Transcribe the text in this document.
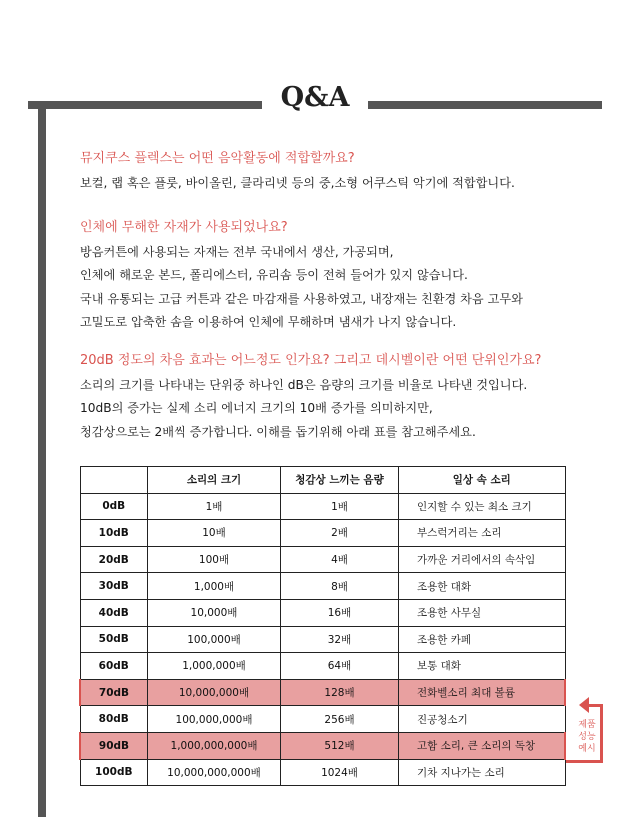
Q&A
뮤지쿠스 플렉스는 어떤 음악활동에 적합할까요?

보컬, 랩 혹은 플룻, 바이올린, 클라리넷 등의 중,소형 어쿠스틱 악기에 적합합니다.

인체에 무해한 자재가 사용되었나요?

방음커튼에 사용되는 자재는 전부 국내에서 생산, 가공되며,

인체에 해로운 본드, 폴리에스터, 유리솜 등이 전혀 들어가 있지 않습니다.

국내 유통되는 고급 커튼과 같은 마감재를 사용하였고, 내장재는 친환경 차음 고무와

고밀도로 압축한 솜을 이용하여 인체에 무해하며 냄새가 나지 않습니다.

20dB 정도의 차음 효과는 어느정도 인가요? 그리고 데시벨이란 어떤 단위인가요?

소리의 크기를 나타내는 단위중 하나인 dB은 음량의 크기를 비율로 나타낸 것입니다.

10dB의 증가는 실제 소리 에너지 크기의 10배 증가를 의미하지만,

청감상으로는 2배씩 증가합니다. 이해를 돕기위해 아래 표를 참고해주세요.

	소리의 크기	청감상 느끼는 음량	일상 속 소리
0dB	1배	1배	인지할 수 있는 최소 크기
10dB	10배	2배	부스럭거리는 소리
20dB	100배	4배	가까운 거리에서의 속삭임
30dB	1,000배	8배	조용한 대화
40dB	10,000배	16배	조용한 사무실
50dB	100,000배	32배	조용한 카페
60dB	1,000,000배	64배	보통 대화
70dB	10,000,000배	128배	전화벨소리 최대 볼륨
80dB	100,000,000배	256배	진공청소기
90dB	1,000,000,000배	512배	고함 소리, 큰 소리의 독창
100dB	10,000,000,000배	1024배	기차 지나가는 소리
제품
성능
예시
